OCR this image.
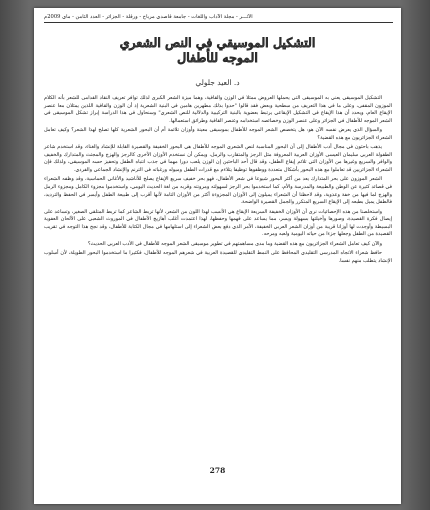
الآثـــر - مجلة الآداب واللغات - جامعة قاصدي مرباح - ورقلة - الجزائر - العدد الثامن - ماي 2009م
التشكيل الموسيقي في النص الشعري
الموجه للأطفال
د. العيد جلولي

التشكيل الموسيقي يعني به الموسيقى التي يحملها العروض ممثلا في الوزن والقافية، وهما ميزة الشعر الكبرى لذلك توافر تعريف النقاد القدامى للشعر بأنه الكلام الموزون المقفى، وعلى ما في هذا التعريف من سطحية وبعض فقد قالوا "حدوا بذلك مطهرين هامين في البنية الشعرية إذ أن الوزن والقافية اللذين يمثلان معا عنصر الإيقاع العام، ويحدد أن هذا الإيقاع في التشكيل الإيقاعي يرتبط بعضوية بالبنية التركيبية والدلالية للنص الشعري" وسنحاول في هذا الدراسة إبراز تشكل الموسيقى في الشعر الموجه للأطفال في الجزائر وعلى عنصر الوزن وخصائصه استخدامه وعنصر القافية وطرائق استعمالها.

والسؤال الذي يعرض نفسه الآن هو: هل يتخصص الشعر الموجه للأطفال بموسيقى معينة وأوزان تلائمة أم أن البحور الشعرية كلها تصلح لهذا الشعر؟ وكيف تعامل الشعراء الجزائريون مع هذه القضية؟

يذهب باحثون في مجال أدب الأطفال إلى أن البحور المناسبة لنص الشعري الموجه للأطفال هي البحور الخفيفة والقصيرة القابلة للإنشاد والغناء، وقد استخدم شاعر الطفولة العربي سليمان العيسى الأوزان العربية المعروفة مثل الرجز والمتقارب والرمل، ويمكن أن نستخدم الأوزان الأخرى كالرجز والهزج والمجتث والمتدارك والخفيف والوافر والسريع وغيرها من الأوزان التي تلائم إيقاع الطفل، وقد قال أحد الباحثين إن الوزن يلعب دورا مهما في جذب انتباه الطفل وتحفيز حسه الموسيقي، ولذلك فإن الشعراء الجزائريين قد تعاملوا مع هذه البحور بأشكال متعددة ووظفوها توظيفا يتلاءم مع قدرات الطفل وميوله ورغباته في الترنم والإنشاد الجماعي والفردي.

الشعر الموزون على بحر المتدارك يعد من أكثر البحور شيوعا في شعر الأطفال، فهو بحر خفيف سريع الإيقاع يصلح للأناشيد والأغاني الحماسية، وقد وظفه الشعراء في قصائد كثيرة عن الوطن والطبيعة والمدرسة والأم، كما استخدموا بحر الرجز لسهولته ومرونته وقربه من لغة الحديث اليومي، واستخدموا مجزوء الكامل ومجزوء الرمل والهزج لما فيها من خفة وعذوبة، وقد لاحظنا أن الشعراء يميلون إلى الأوزان المجزوءة أكثر من الأوزان التامة لأنها أقرب إلى طبيعة الطفل وأيسر في الحفظ والترديد، فالطفل يميل بطبعه إلى الإيقاع السريع المتكرر والجمل القصيرة الواضحة.

واستخلصنا من هذه الإحصائيات نرى أن الأوزان الخفيفة السريعة الإيقاع هي الأنسب لهذا اللون من الشعر، لأنها تربط الشاعر كما تربط المتلقي الصغير، وتساعد على إيصال فكرة القصيدة، وصورها وأخيلتها بسهولة ويسر، مما يساعد على فهمها وحفظها، لهذا اعتمدت أغلب أهازيج الأطفال في الموروث الشعبي على الألحان العفوية البسيطة وأوجدت لها أوزانا قريبة من أوزان الشعر العربي الخفيفة، الأمر الذي دفع بعض الشعراء إلى استلهامها في مجال الكتابة للأطفال، وقد نجح هذا التوجه في تقريب القصيدة من الطفل وجعلها جزءا من حياته اليومية ولعبه ومرحه.

والآن كيف تعامل الشعراء الجزائريون مع هذه القضية وما مدى مساهمتهم في تطوير موسيقى الشعر الموجه للأطفال في الأدب العربي الحديث؟

حافظ شعراء الاتجاه المدرسي التقليدي المحافظ على النمط التقليدي للقصيدة العربية في شعرهم الموجه للأطفال، فكثيرا ما استخدموا البحور الطويلة، لأن أسلوب الإنشاد يتطلب منهم نفسا.

278
